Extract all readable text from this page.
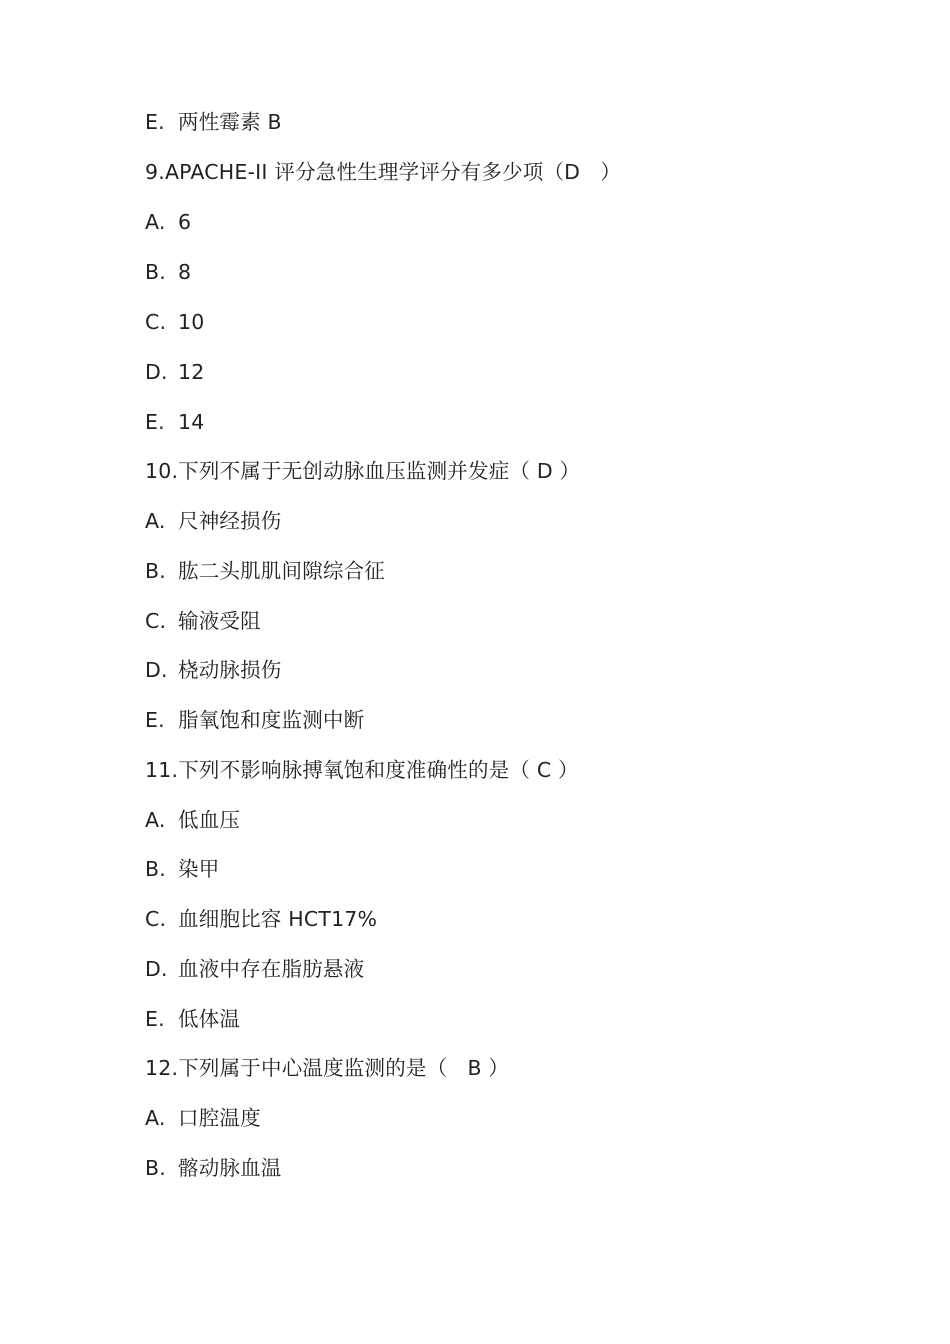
E. 两性霉素 B
9.APACHE-II 评分急性生理学评分有多少项（D   ）
A. 6
B. 8
C. 10
D. 12
E. 14
10.下列不属于无创动脉血压监测并发症（ D ）
A. 尺神经损伤
B. 肱二头肌肌间隙综合征
C. 输液受阻
D. 桡动脉损伤
E. 脂氧饱和度监测中断
11.下列不影响脉搏氧饱和度准确性的是（ C ）
A. 低血压
B. 染甲
C. 血细胞比容 HCT17%
D. 血液中存在脂肪悬液
E. 低体温
12.下列属于中心温度监测的是（   B ）
A. 口腔温度
B. 髂动脉血温
